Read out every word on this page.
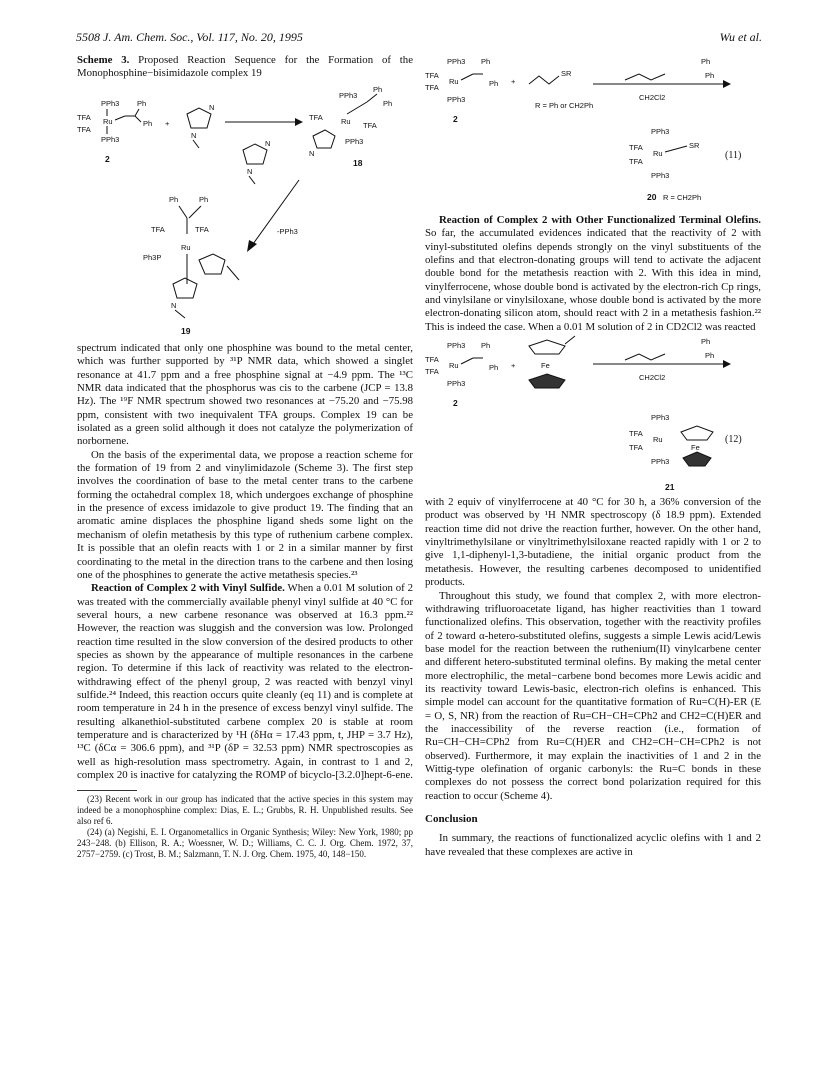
5508 J. Am. Chem. Soc., Vol. 117, No. 20, 1995	Wu et al.

Scheme 3. Proposed Reaction Sequence for the Formation of the Monophosphine−bisimidazole complex 19

PPh3 Ph
TFA
TFA
Ru	Ph
PPh3
2
+
N
N
PPh3
Ph
Ph
TFA Ru TFA
PPh3
N
18
N
N
-PPh3
Ph	Ph
TFA	TFA
Ru
Ph3P
N
19

spectrum indicated that only one phosphine was bound to the metal center, which was further supported by ³¹P NMR data, which showed a singlet resonance at 41.7 ppm and a free phosphine signal at −4.9 ppm. The ¹³C NMR data indicated that the phosphorus was cis to the carbene (JCP = 13.8 Hz). The ¹⁹F NMR spectrum showed two resonances at −75.20 and −75.98 ppm, consistent with two inequivalent TFA groups. Complex 19 can be isolated as a green solid although it does not catalyze the polymerization of norbornene.

On the basis of the experimental data, we propose a reaction scheme for the formation of 19 from 2 and vinylimidazole (Scheme 3). The first step involves the coordination of base to the metal center trans to the carbene forming the octahedral complex 18, which undergoes exchange of phosphine in the presence of excess imidazole to give product 19. The finding that an aromatic amine displaces the phosphine ligand sheds some light on the mechanism of olefin metathesis by this type of ruthenium carbene complex. It is possible that an olefin reacts with 1 or 2 in a similar manner by first coordinating to the metal in the direction trans to the carbene and then losing one of the phosphines to generate the active metathesis species.²³

Reaction of Complex 2 with Vinyl Sulfide. When a 0.01 M solution of 2 was treated with the commercially available phenyl vinyl sulfide at 40 °C for several hours, a new carbene resonance was observed at 16.3 ppm.²² However, the reaction was sluggish and the conversion was low. Prolonged reaction time resulted in the slow conversion of the desired products to other species as shown by the appearance of multiple resonances in the carbene region. To determine if this lack of reactivity was related to the electron-withdrawing effect of the phenyl group, 2 was reacted with benzyl vinyl sulfide.²⁴ Indeed, this reaction occurs quite cleanly (eq 11) and is complete at room temperature in 24 h in the presence of excess benzyl vinyl sulfide. The resulting alkanethiol-substituted carbene complex 20 is stable at room temperature and is characterized by ¹H (δHα = 17.43 ppm, t, JHP = 3.7 Hz), ¹³C (δCα = 306.6 ppm), and ³¹P (δP = 32.53 ppm) NMR spectroscopies as well as high-resolution mass spectrometry. Again, in contrast to 1 and 2, complex 20 is inactive for catalyzing the ROMP of bicyclo-[3.2.0]hept-6-ene.

(23) Recent work in our group has indicated that the active species in this system may indeed be a monophosphine complex: Dias, E. L.; Grubbs, R. H. Unpublished results. See also ref 6.

(24) (a) Negishi, E. I. Organometallics in Organic Synthesis; Wiley: New York, 1980; pp 243−248. (b) Ellison, R. A.; Woessner, W. D.; Williams, C. C. J. Org. Chem. 1972, 37, 2757−2759. (c) Trost, B. M.; Salzmann, T. N. J. Org. Chem. 1975, 40, 148−150.

PPh3 Ph
TFA
TFA
Ru	Ph
PPh3
2
+
SR
R = Ph or CH2Ph
Ph
Ph
CH2Cl2
PPh3
TFA
Ru
TFA
SR
PPh3
(11)
20 R = CH2Ph

Reaction of Complex 2 with Other Functionalized Terminal Olefins. So far, the accumulated evidences indicated that the reactivity of 2 with vinyl-substituted olefins depends strongly on the vinyl substituents of the olefins and that electron-donating groups will tend to activate the adjacent double bond for the metathesis reaction with 2. With this idea in mind, vinylferrocene, whose double bond is activated by the electron-rich Cp rings, and vinylsilane or vinylsiloxane, whose double bond is activated by the more electron-donating silicon atom, should react with 2 in a metathesis fashion.²² This is indeed the case. When a 0.01 M solution of 2 in CD2Cl2 was reacted

PPh3 Ph
TFA
TFA
Ru	Ph
PPh3
2
+	Fe
Ph
Ph
CH2Cl2
PPh3
TFA
Ru
TFA	Fe
PPh3
(12)
21

with 2 equiv of vinylferrocene at 40 °C for 30 h, a 36% conversion of the product was observed by ¹H NMR spectroscopy (δ 18.9 ppm). Extended reaction time did not drive the reaction further, however. On the other hand, vinyltrimethylsilane or vinyltrimethylsiloxane reacted rapidly with 1 or 2 to give 1,1-diphenyl-1,3-butadiene, the initial organic product from the metathesis. However, the resulting carbenes decomposed to unidentified products.

Throughout this study, we found that complex 2, with more electron-withdrawing trifluoroacetate ligand, has higher reactivities than 1 toward functionalized olefins. This observation, together with the reactivity profiles of 2 toward α-hetero-substituted olefins, suggests a simple Lewis acid/Lewis base model for the reaction between the ruthenium(II) vinylcarbene center and different hetero-substituted terminal olefins. By making the metal center more electrophilic, the metal−carbene bond becomes more Lewis acidic and its reactivity toward Lewis-basic, electron-rich olefins is enhanced. This simple model can account for the quantitative formation of Ru=C(H)-ER (E = O, S, NR) from the reaction of Ru=CH−CH=CPh2 and CH2=C(H)ER and the inaccessibility of the reverse reaction (i.e., formation of Ru=CH−CH=CPh2 from Ru=C(H)ER and CH2=CH−CH=CPh2 is not observed). Furthermore, it may explain the inactivities of 1 and 2 in the Wittig-type olefination of organic carbonyls: the Ru=C bonds in these complexes do not possess the correct bond polarization required for this reaction to occur (Scheme 4).

Conclusion

In summary, the reactions of functionalized acyclic olefins with 1 and 2 have revealed that these complexes are active in
